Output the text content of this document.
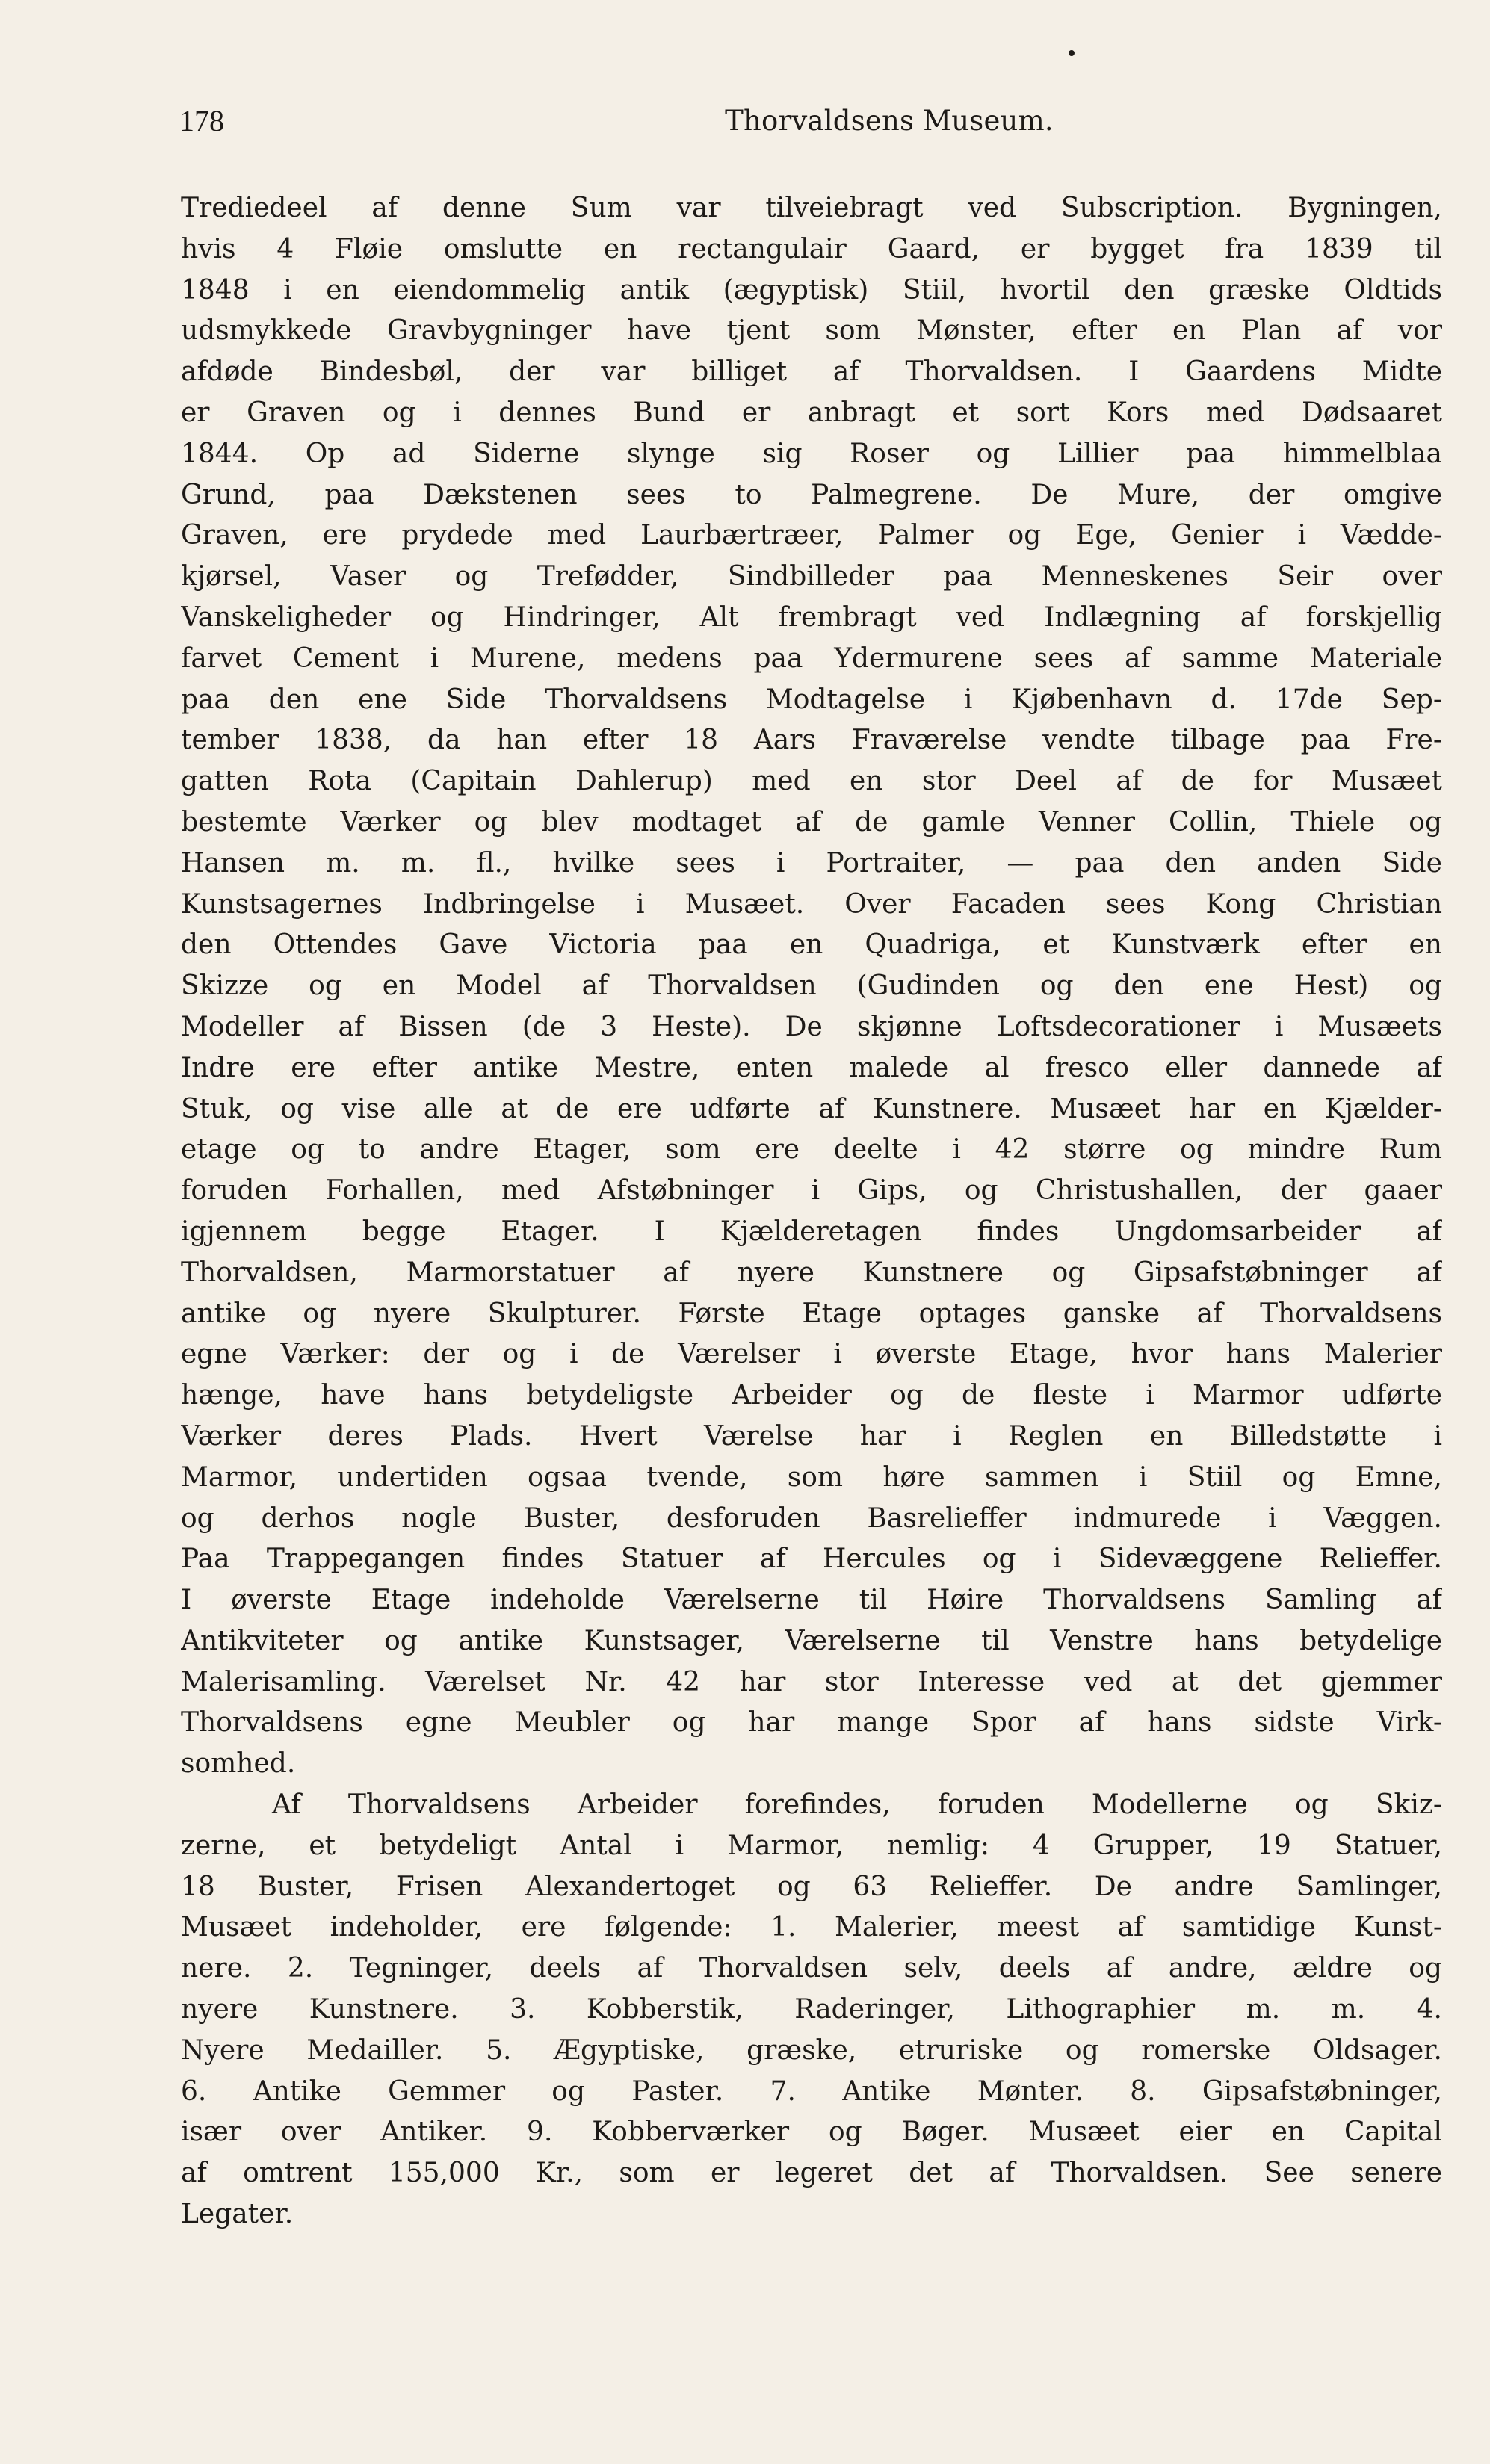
178	Thorvaldsens Museum.
Trediedeel af denne Sum var tilveiebragt ved Subscription. Bygningen,
hvis 4 Fløie omslutte en rectangulair Gaard, er bygget fra 1839 til
1848 i en eiendommelig antik (ægyptisk) Stiil, hvortil den græske Oldtids
udsmykkede Gravbygninger have tjent som Mønster, efter en Plan af vor
afdøde Bindesbøl, der var billiget af Thorvaldsen. I Gaardens Midte
er Graven og i dennes Bund er anbragt et sort Kors med Dødsaaret
1844. Op ad Siderne slynge sig Roser og Lillier paa himmelblaa
Grund, paa Dækstenen sees to Palmegrene. De Mure, der omgive
Graven, ere prydede med Laurbærtræer, Palmer og Ege, Genier i Væddе-
kjørsel, Vaser og Trefødder, Sindbilleder paa Menneskenes Seir over
Vanskeligheder og Hindringer, Alt frembragt ved Indlægning af forskjellig
farvet Cement i Murene, medens paa Ydermurene sees af samme Materiale
paa den ene Side Thorvaldsens Modtagelse i Kjøbenhavn d. 17de Sep-
tember 1838, da han efter 18 Aars Fraværelse vendte tilbage paa Fre-
gatten Rota (Capitain Dahlerup) med en stor Deel af de for Musæet
bestemte Værker og blev modtaget af de gamle Venner Collin, Thiele og
Hansen m. m. fl., hvilke sees i Portraiter, — paa den anden Side
Kunstsagernes Indbringelse i Musæet. Over Facaden sees Kong Christian
den Ottendes Gave Victoria paa en Quadriga, et Kunstværk efter en
Skizze og en Model af Thorvaldsen (Gudinden og den ene Hest) og
Modeller af Bissen (de 3 Heste). De skjønne Loftsdecorationer i Musæets
Indre ere efter antike Mestre, enten malede al fresco eller dannede af
Stuk, og vise alle at de ere udførte af Kunstnere. Musæet har en Kjælder-
etage og to andre Etager, som ere deelte i 42 større og mindre Rum
foruden Forhallen, med Afstøbninger i Gips, og Christushallen, der gaaer
igjennem begge Etager. I Kjælderetagen findes Ungdomsarbeider af
Thorvaldsen, Marmorstatuer af nyere Kunstnere og Gipsafstøbninger af
antike og nyere Skulpturer. Første Etage optages ganske af Thorvaldsens
egne Værker: der og i de Værelser i øverste Etage, hvor hans Malerier
hænge, have hans betydeligste Arbeider og de fleste i Marmor udførte
Værker deres Plads. Hvert Værelse har i Reglen en Billedstøtte i
Marmor, undertiden ogsaa tvende, som høre sammen i Stiil og Emne,
og derhos nogle Buster, desforuden Basrelieffer indmurede i Væggen.
Paa Trappegangen findes Statuer af Hercules og i Sidevæggene Relieffer.
I øverste Etage indeholde Værelserne til Høire Thorvaldsens Samling af
Antikviteter og antike Kunstsager, Værelserne til Venstre hans betydelige
Malerisamling. Værelset Nr. 42 har stor Interesse ved at det gjemmer
Thorvaldsens egne Meubler og har mange Spor af hans sidste Virk-
somhed.
Af Thorvaldsens Arbeider forefindes, foruden Modellerne og Skiz-
zerne, et betydeligt Antal i Marmor, nemlig: 4 Grupper, 19 Statuer,
18 Buster, Frisen Alexandertoget og 63 Relieffer. De andre Samlinger,
Musæet indeholder, ere følgende: 1. Malerier, meest af samtidige Kunst-
nere. 2. Tegninger, deels af Thorvaldsen selv, deels af andre, ældre og
nyere Kunstnere. 3. Kobberstik, Raderinger, Lithographier m. m. 4.
Nyere Medailler. 5. Ægyptiske, græske, etruriske og romerske Oldsager.
6. Antike Gemmer og Paster. 7. Antike Mønter. 8. Gipsafstøbninger,
især over Antiker. 9. Kobberværker og Bøger. Musæet eier en Capital
af omtrent 155,000 Kr., som er legeret det af Thorvaldsen. See senere
Legater.
